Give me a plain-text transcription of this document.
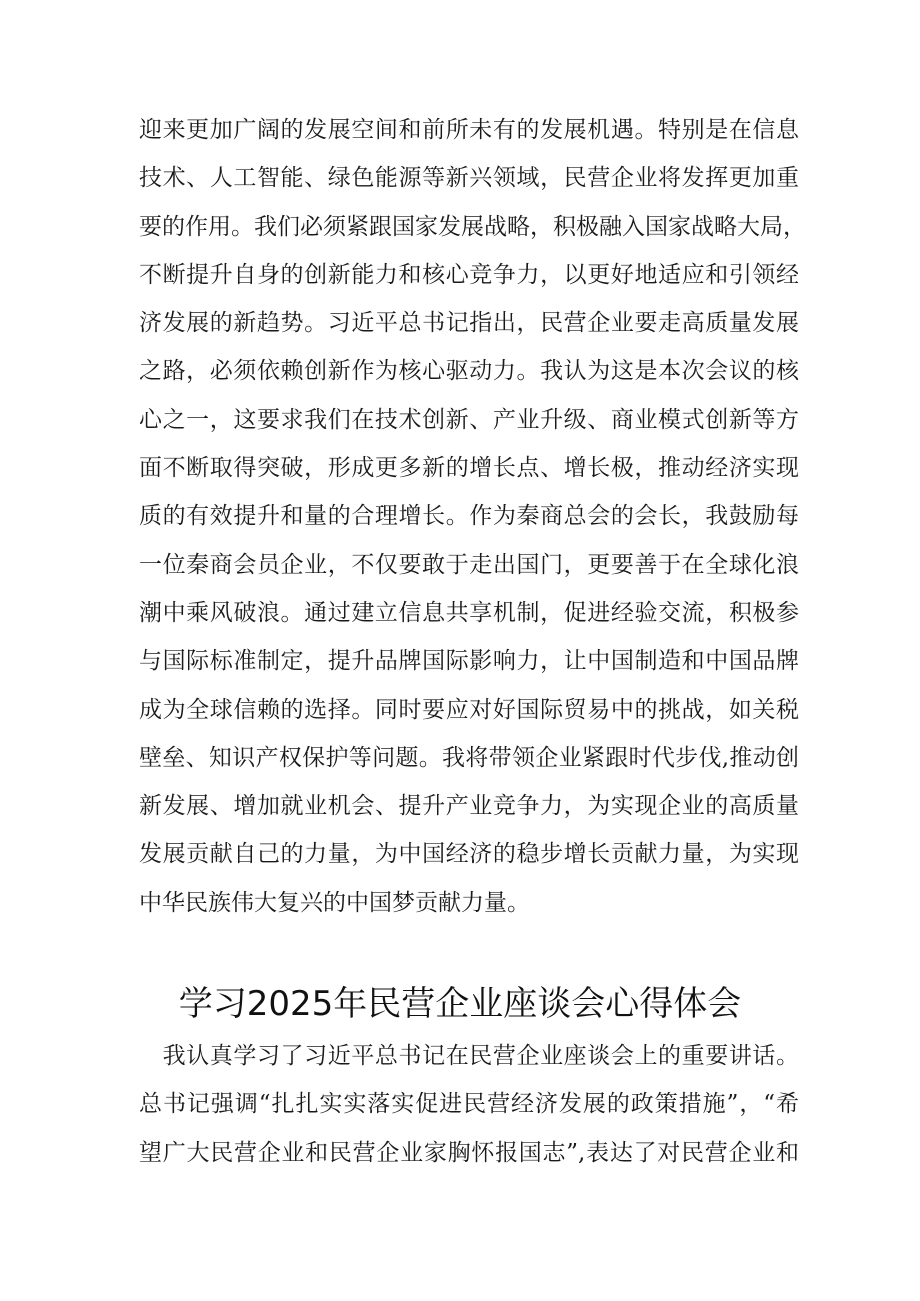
迎来更加广阔的发展空间和前所未有的发展机遇。特别是在信息
技术、人工智能、绿色能源等新兴领域，民营企业将发挥更加重
要的作用。我们必须紧跟国家发展战略，积极融入国家战略大局，
不断提升自身的创新能力和核心竞争力，以更好地适应和引领经
济发展的新趋势。习近平总书记指出，民营企业要走高质量发展
之路，必须依赖创新作为核心驱动力。我认为这是本次会议的核
心之一，这要求我们在技术创新、产业升级、商业模式创新等方
面不断取得突破，形成更多新的增长点、增长极，推动经济实现
质的有效提升和量的合理增长。作为秦商总会的会长，我鼓励每
一位秦商会员企业，不仅要敢于走出国门，更要善于在全球化浪
潮中乘风破浪。通过建立信息共享机制，促进经验交流，积极参
与国际标准制定，提升品牌国际影响力，让中国制造和中国品牌
成为全球信赖的选择。同时要应对好国际贸易中的挑战，如关税
壁垒、知识产权保护等问题。我将带领企业紧跟时代步伐,推动创
新发展、增加就业机会、提升产业竞争力，为实现企业的高质量
发展贡献自己的力量，为中国经济的稳步增长贡献力量，为实现
中华民族伟大复兴的中国梦贡献力量。
学习2025年民营企业座谈会心得体会
　我认真学习了习近平总书记在民营企业座谈会上的重要讲话。
总书记强调“扎扎实实落实促进民营经济发展的政策措施”，“希
望广大民营企业和民营企业家胸怀报国志”,表达了对民营企业和
